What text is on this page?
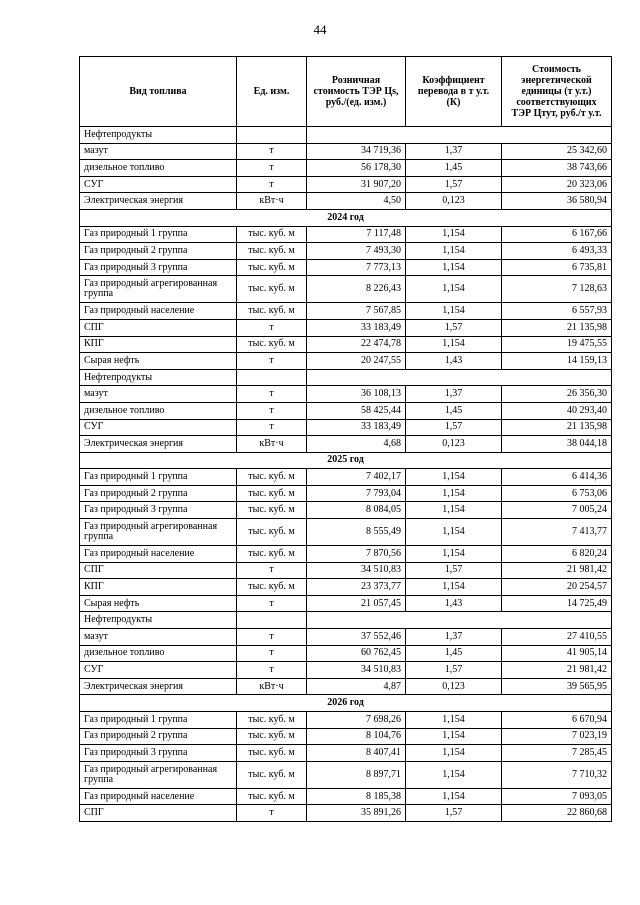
44
Вид топлива	Ед. изм.	Розничная стоимость ТЭР Цs, руб./(ед. изм.)	Коэффициент перевода в т у.т. (К)	Стоимость энергетической единицы (т у.т.) соответствующих ТЭР Цтут, руб./т у.т.
Нефтепродукты				
мазут	т	34 719,36	1,37	25 342,60
дизельное топливо	т	56 178,30	1,45	38 743,66
СУГ	т	31 907,20	1,57	20 323,06
Электрическая энергия	кВт·ч	4,50	0,123	36 580,94
2024 год				
Газ природный 1 группа	тыс. куб. м	7 117,48	1,154	6 167,66
Газ природный 2 группа	тыс. куб. м	7 493,30	1,154	6 493,33
Газ природный 3 группа	тыс. куб. м	7 773,13	1,154	6 735,81
Газ природный агрегированная группа	тыс. куб. м	8 226,43	1,154	7 128,63
Газ природный население	тыс. куб. м	7 567,85	1,154	6 557,93
СПГ	т	33 183,49	1,57	21 135,98
КПГ	тыс. куб. м	22 474,78	1,154	19 475,55
Сырая нефть	т	20 247,55	1,43	14 159,13
Нефтепродукты				
мазут	т	36 108,13	1,37	26 356,30
дизельное топливо	т	58 425,44	1,45	40 293,40
СУГ	т	33 183,49	1,57	21 135,98
Электрическая энергия	кВт·ч	4,68	0,123	38 044,18
2025 год				
Газ природный 1 группа	тыс. куб. м	7 402,17	1,154	6 414,36
Газ природный 2 группа	тыс. куб. м	7 793,04	1,154	6 753,06
Газ природный 3 группа	тыс. куб. м	8 084,05	1,154	7 005,24
Газ природный агрегированная группа	тыс. куб. м	8 555,49	1,154	7 413,77
Газ природный население	тыс. куб. м	7 870,56	1,154	6 820,24
СПГ	т	34 510,83	1,57	21 981,42
КПГ	тыс. куб. м	23 373,77	1,154	20 254,57
Сырая нефть	т	21 057,45	1,43	14 725,49
Нефтепродукты				
мазут	т	37 552,46	1,37	27 410,55
дизельное топливо	т	60 762,45	1,45	41 905,14
СУГ	т	34 510,83	1,57	21 981,42
Электрическая энергия	кВт·ч	4,87	0,123	39 565,95
2026 год				
Газ природный 1 группа	тыс. куб. м	7 698,26	1,154	6 670,94
Газ природный 2 группа	тыс. куб. м	8 104,76	1,154	7 023,19
Газ природный 3 группа	тыс. куб. м	8 407,41	1,154	7 285,45
Газ природный агрегированная группа	тыс. куб. м	8 897,71	1,154	7 710,32
Газ природный население	тыс. куб. м	8 185,38	1,154	7 093,05
СПГ	т	35 891,26	1,57	22 860,68
